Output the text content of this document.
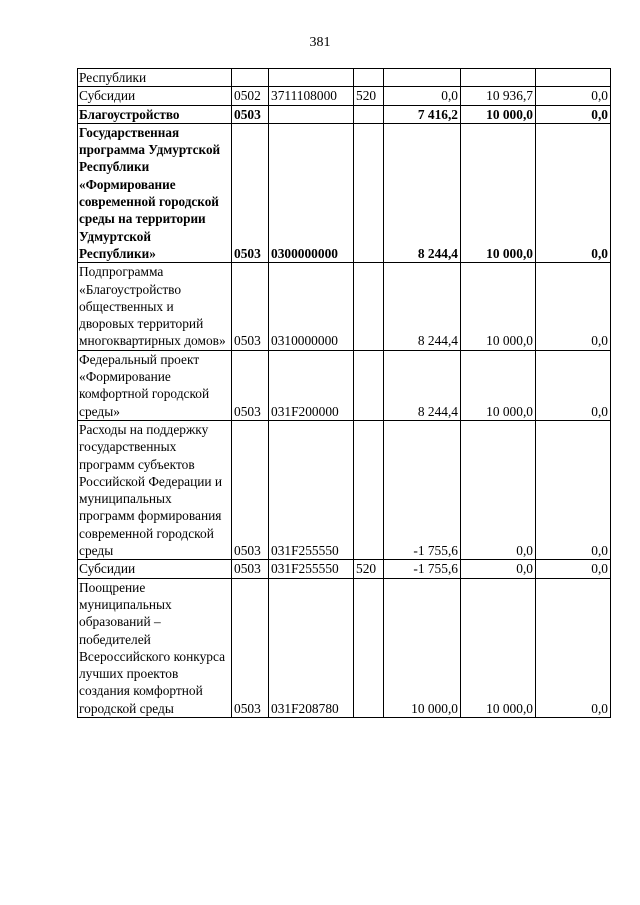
381
Республики						
Субсидии	0502	3711108000	520	0,0	10 936,7	0,0
Благоустройство	0503			7 416,2	10 000,0	0,0
Государственная программа Удмуртской Республики «Формирование современной городской среды на территории Удмуртской Республики»	0503	0300000000		8 244,4	10 000,0	0,0
Подпрограмма «Благоустройство общественных и дворовых территорий многоквартирных домов»	0503	0310000000		8 244,4	10 000,0	0,0
Федеральный проект «Формирование комфортной городской среды»	0503	031F200000		8 244,4	10 000,0	0,0
Расходы на поддержку государственных программ субъектов Российской Федерации и муниципальных программ формирования современной городской среды	0503	031F255550		-1 755,6	0,0	0,0
Субсидии	0503	031F255550	520	-1 755,6	0,0	0,0
Поощрение муниципальных образований – победителей Всероссийского конкурса лучших проектов создания комфортной городской среды	0503	031F208780		10 000,0	10 000,0	0,0
